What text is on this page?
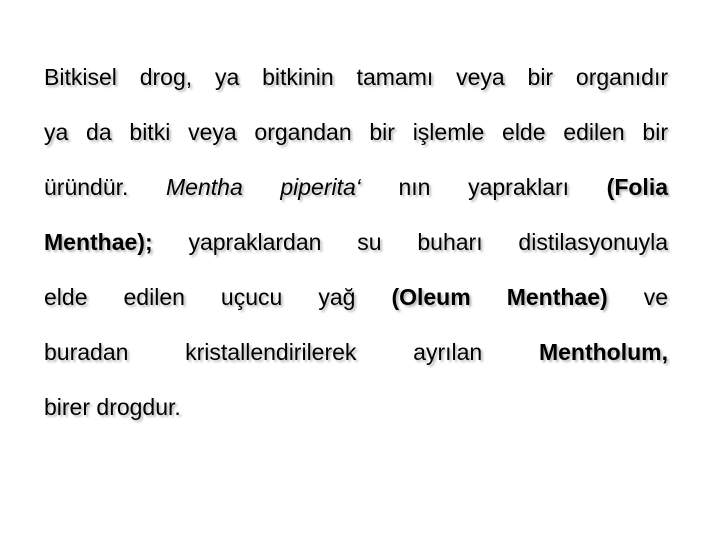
Bitkisel drog, ya bitkinin tamamı veya bir organıdır
ya da bitki veya organdan bir işlemle elde edilen bir
üründür. Mentha piperita‘ nın yaprakları (Folia
Menthae); yapraklardan su buharı distilasyonuyla
elde edilen uçucu yağ (Oleum Menthae) ve
buradan kristallendirilerek ayrılan Mentholum,
birer drogdur.
